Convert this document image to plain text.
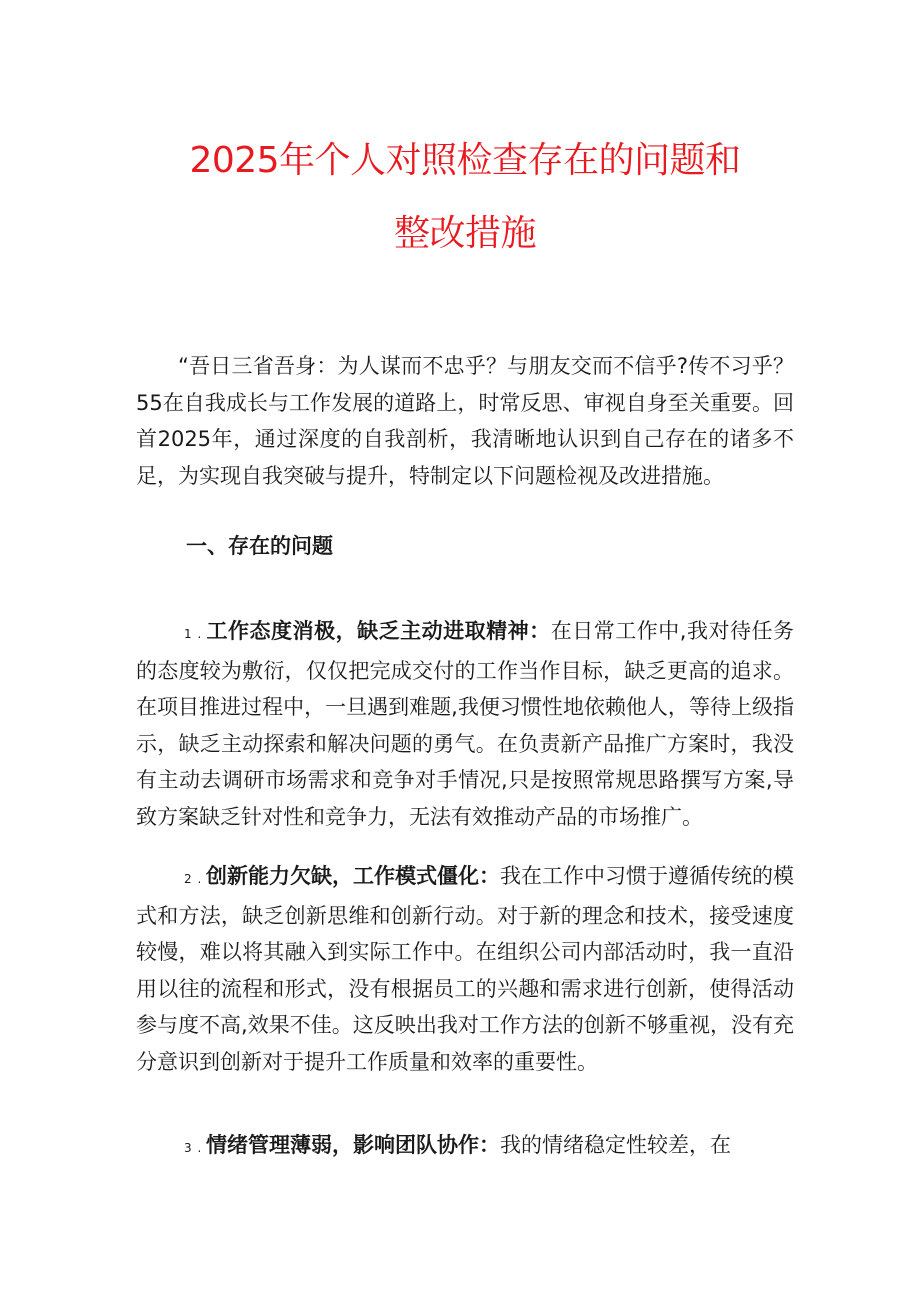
2025年个人对照检查存在的问题和
整改措施

“吾日三省吾身：为人谋而不忠乎？与朋友交而不信乎?传不习乎？55在自我成长与工作发展的道路上，时常反思、审视自身至关重要。回首2025年，通过深度的自我剖析，我清晰地认识到自己存在的诸多不足，为实现自我突破与提升，特制定以下问题检视及改进措施。

一、存在的问题

1 . 工作态度消极，缺乏主动进取精神：在日常工作中,我对待任务的态度较为敷衍，仅仅把完成交付的工作当作目标，缺乏更高的追求。在项目推进过程中，一旦遇到难题,我便习惯性地依赖他人，等待上级指示，缺乏主动探索和解决问题的勇气。在负责新产品推广方案时，我没有主动去调研市场需求和竞争对手情况,只是按照常规思路撰写方案,导致方案缺乏针对性和竞争力，无法有效推动产品的市场推广。

2 . 创新能力欠缺，工作模式僵化：我在工作中习惯于遵循传统的模式和方法，缺乏创新思维和创新行动。对于新的理念和技术，接受速度较慢，难以将其融入到实际工作中。在组织公司内部活动时，我一直沿用以往的流程和形式，没有根据员工的兴趣和需求进行创新，使得活动参与度不高,效果不佳。这反映出我对工作方法的创新不够重视，没有充分意识到创新对于提升工作质量和效率的重要性。

3 . 情绪管理薄弱，影响团队协作：我的情绪稳定性较差，在
